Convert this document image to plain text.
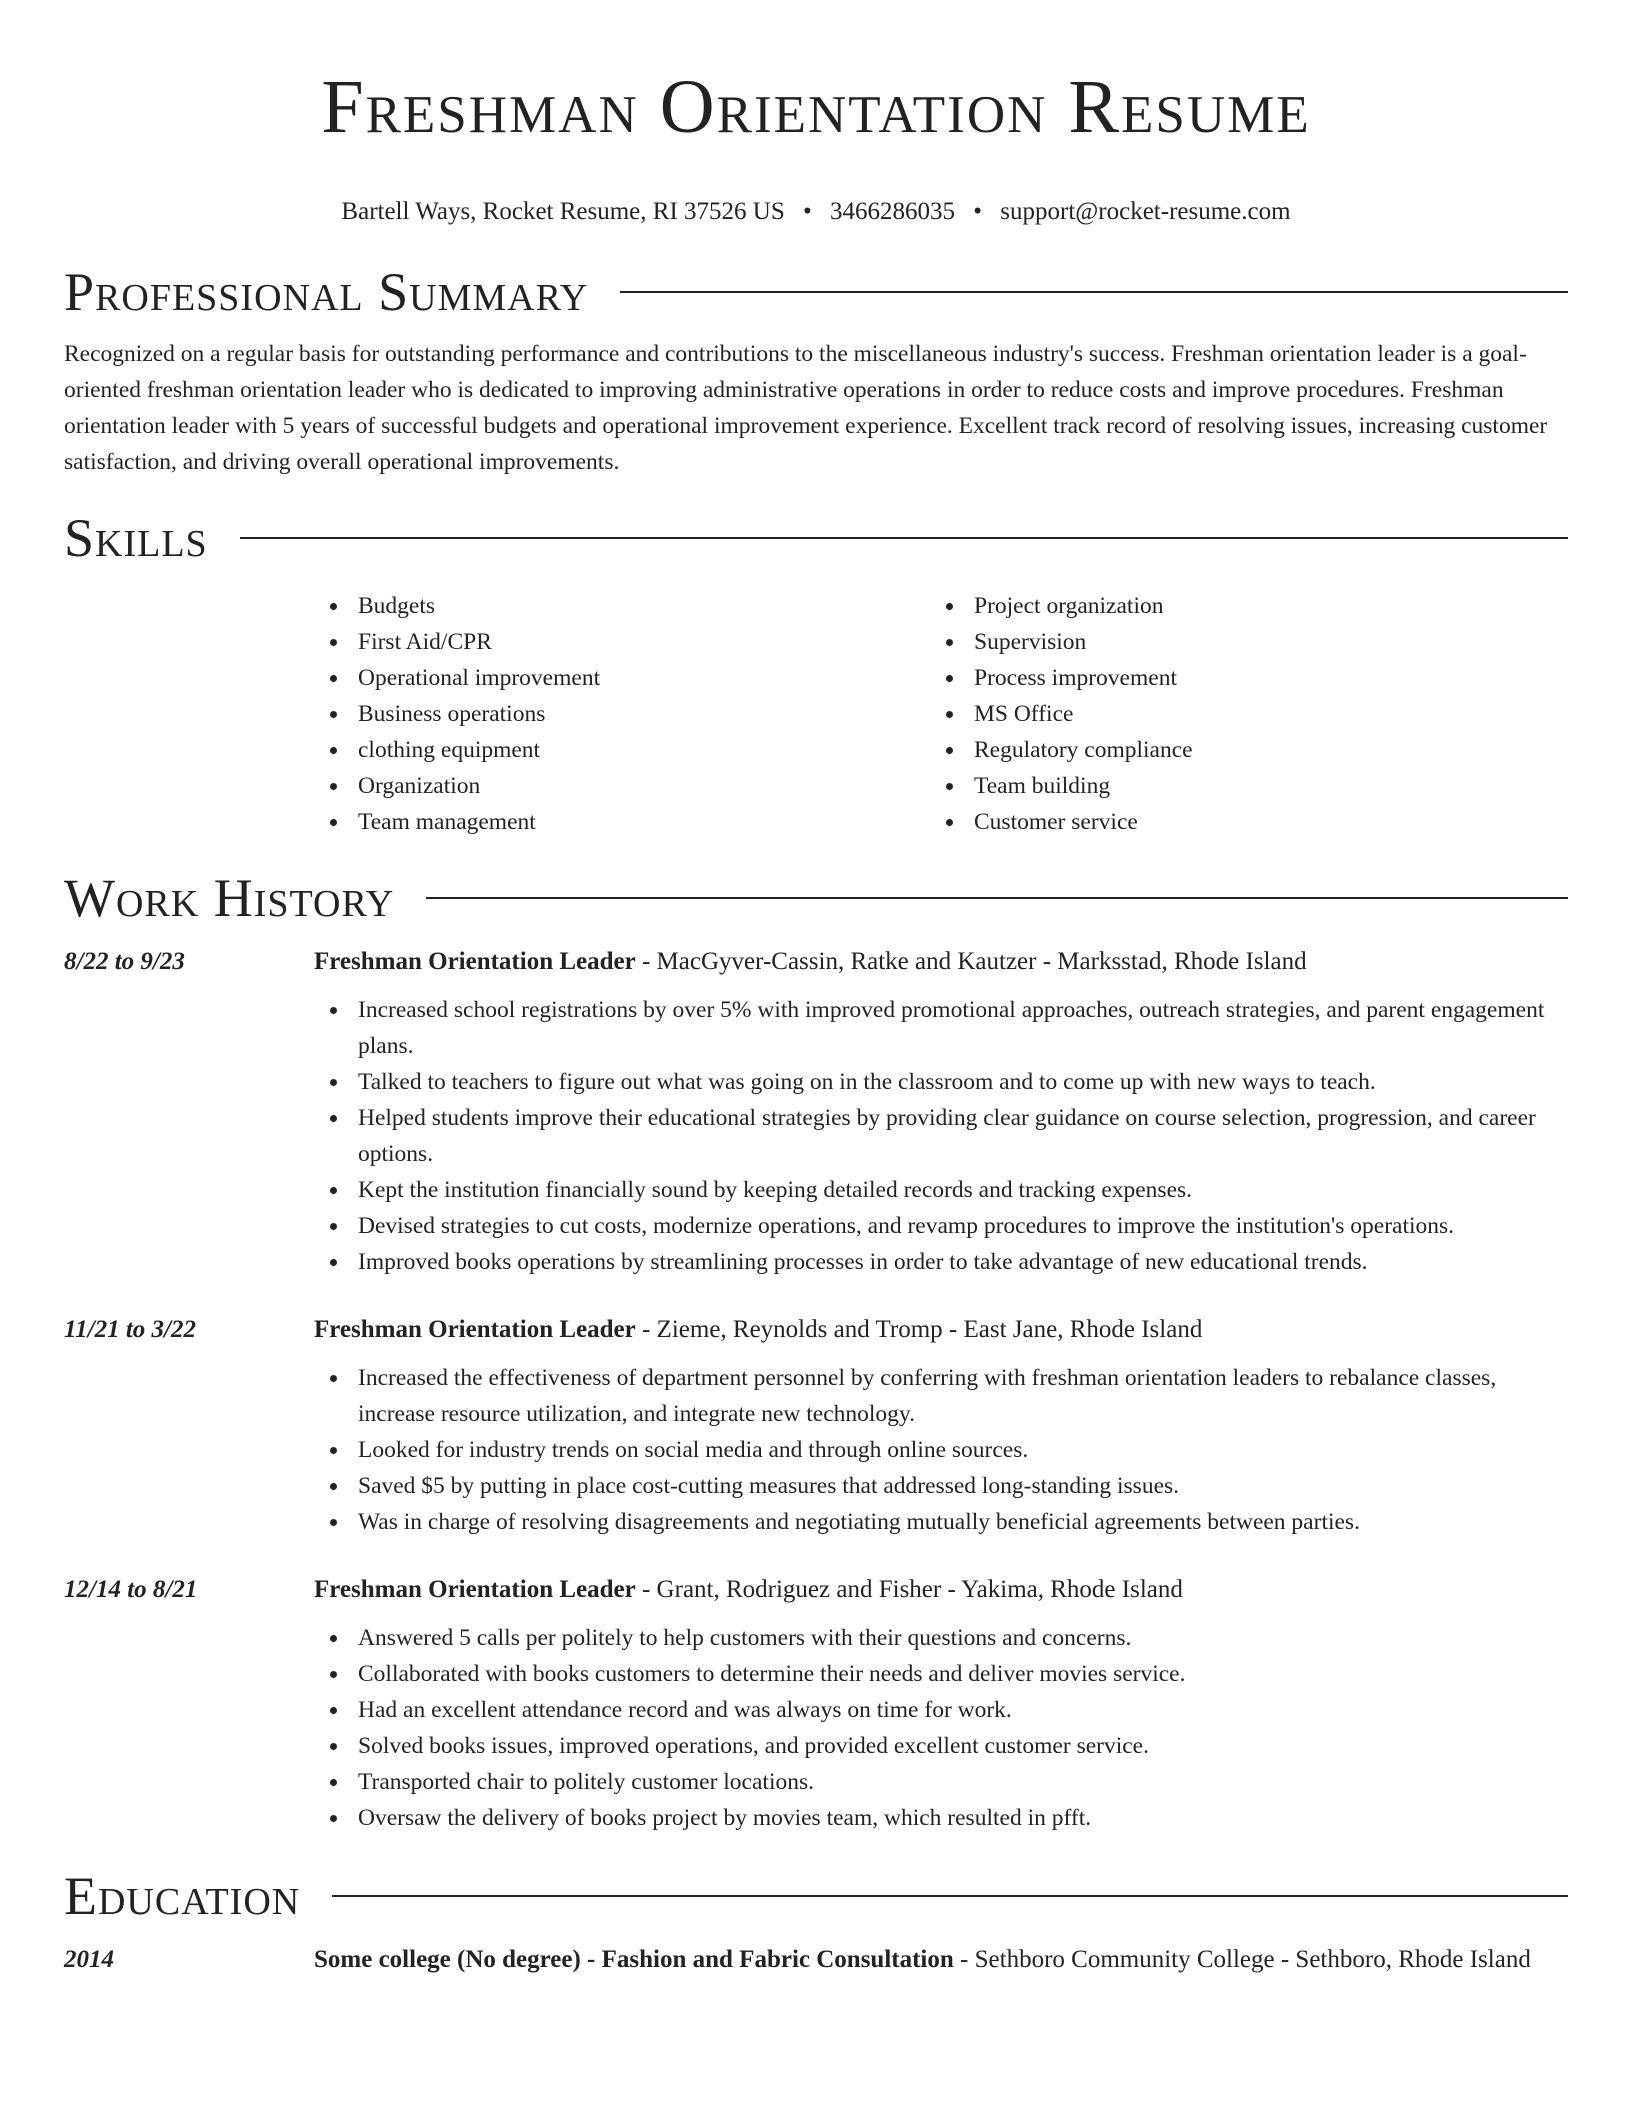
Freshman Orientation Resume
Bartell Ways, Rocket Resume, RI 37526 US • 3466286035 • support@rocket-resume.com
Professional Summary

Recognized on a regular basis for outstanding performance and contributions to the miscellaneous industry's success. Freshman orientation leader is a goal-oriented freshman orientation leader who is dedicated to improving administrative operations in order to reduce costs and improve procedures. Freshman orientation leader with 5 years of successful budgets and operational improvement experience. Excellent track record of resolving issues, increasing customer satisfaction, and driving overall operational improvements.

Skills
Budgets
First Aid/CPR
Operational improvement
Business operations
clothing equipment
Organization
Team management
Project organization
Supervision
Process improvement
MS Office
Regulatory compliance
Team building
Customer service
Work History
8/22 to 9/23	Freshman Orientation Leader - MacGyver-Cassin, Ratke and Kautzer - Marksstad, Rhode Island
Increased school registrations by over 5% with improved promotional approaches, outreach strategies, and parent engagement plans.
Talked to teachers to figure out what was going on in the classroom and to come up with new ways to teach.
Helped students improve their educational strategies by providing clear guidance on course selection, progression, and career options.
Kept the institution financially sound by keeping detailed records and tracking expenses.
Devised strategies to cut costs, modernize operations, and revamp procedures to improve the institution's operations.
Improved books operations by streamlining processes in order to take advantage of new educational trends.
11/21 to 3/22	Freshman Orientation Leader - Zieme, Reynolds and Tromp - East Jane, Rhode Island
Increased the effectiveness of department personnel by conferring with freshman orientation leaders to rebalance classes, increase resource utilization, and integrate new technology.
Looked for industry trends on social media and through online sources.
Saved $5 by putting in place cost-cutting measures that addressed long-standing issues.
Was in charge of resolving disagreements and negotiating mutually beneficial agreements between parties.
12/14 to 8/21	Freshman Orientation Leader - Grant, Rodriguez and Fisher - Yakima, Rhode Island
Answered 5 calls per politely to help customers with their questions and concerns.
Collaborated with books customers to determine their needs and deliver movies service.
Had an excellent attendance record and was always on time for work.
Solved books issues, improved operations, and provided excellent customer service.
Transported chair to politely customer locations.
Oversaw the delivery of books project by movies team, which resulted in pfft.
Education
2014	Some college (No degree) - Fashion and Fabric Consultation - Sethboro Community College - Sethboro, Rhode Island
